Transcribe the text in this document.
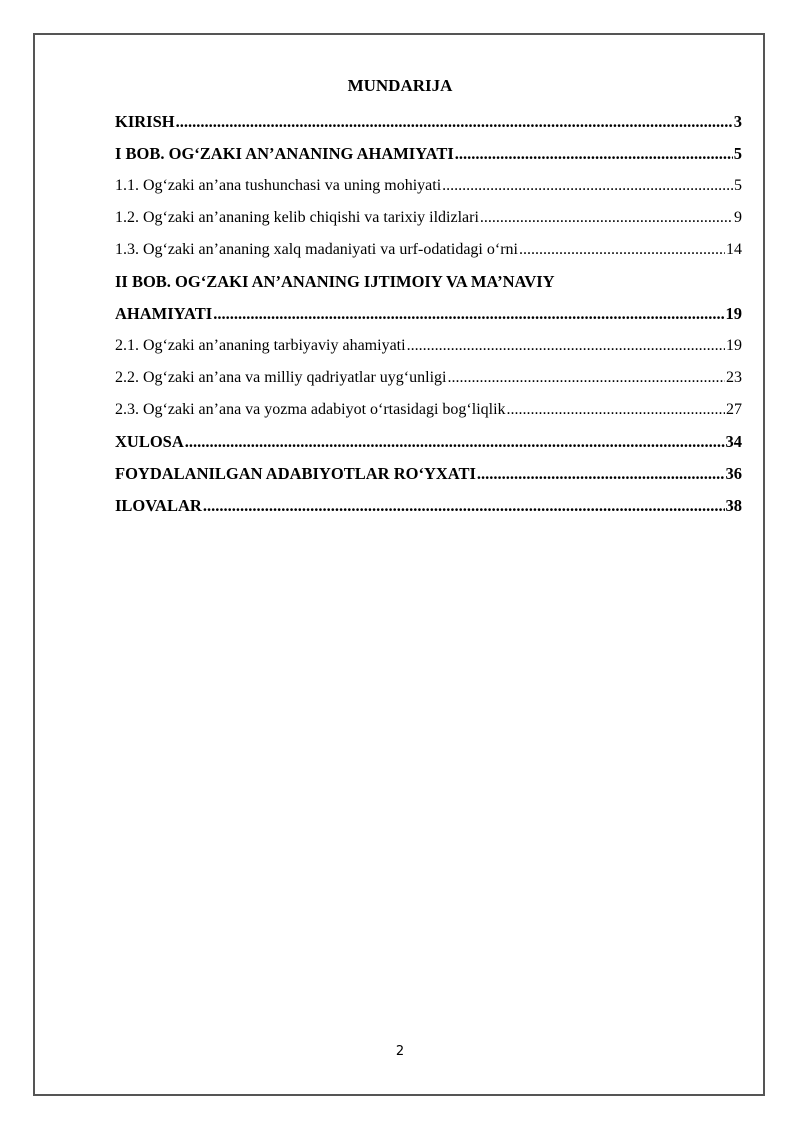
MUNDARIJA
KIRISH .....	3
I BOB. OG‘ZAKI AN’ANANING AHAMIYATI .....	5
1.1. Og‘zaki an’ana tushunchasi va uning mohiyati .....	5
1.2. Og‘zaki an’ananing kelib chiqishi va tarixiy ildizlari .....	9
1.3. Og‘zaki an’ananing xalq madaniyati va urf-odatidagi o‘rni .....	14
II BOB. OG‘ZAKI AN’ANANING IJTIMOIY VA MA’NAVIY
AHAMIYATI .....	19
2.1. Og‘zaki an’ananing tarbiyaviy ahamiyati .....	19
2.2. Og‘zaki an’ana va milliy qadriyatlar uyg‘unligi .....	23
2.3. Og‘zaki an’ana va yozma adabiyot o‘rtasidagi bog‘liqlik .....	27
XULOSA .....	34
FOYDALANILGAN ADABIYOTLAR RO‘YXATI .....	36
ILOVALAR .....	38
2
